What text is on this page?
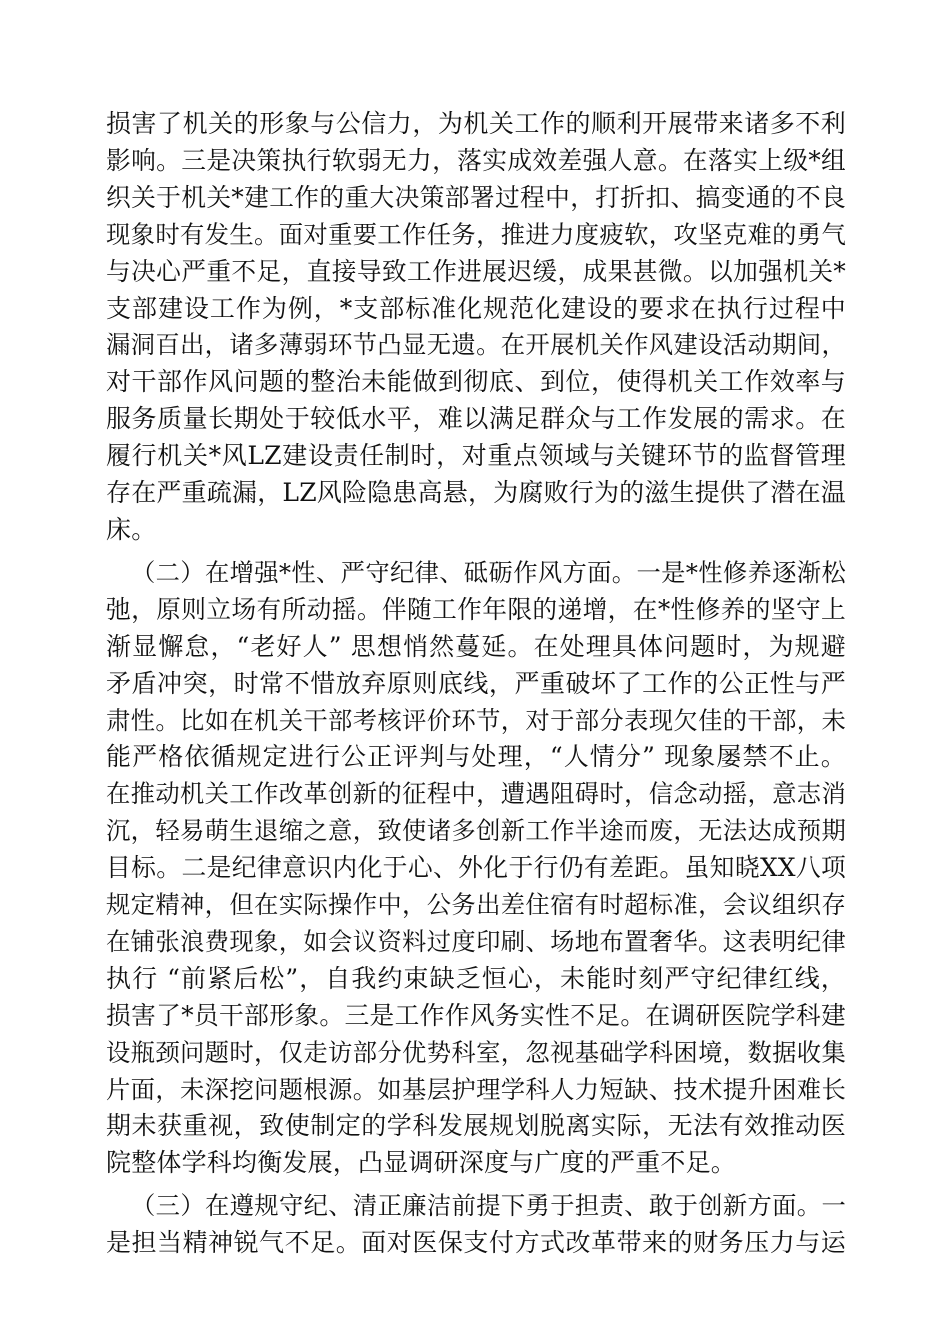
损害了机关的形象与公信力，为机关工作的顺利开展带来诸多不利
影响。三是决策执行软弱无力，落实成效差强人意。在落实上级*组
织关于机关*建工作的重大决策部署过程中，打折扣、搞变通的不良
现象时有发生。面对重要工作任务，推进力度疲软，攻坚克难的勇气
与决心严重不足，直接导致工作进展迟缓，成果甚微。以加强机关*
支部建设工作为例，*支部标准化规范化建设的要求在执行过程中
漏洞百出，诸多薄弱环节凸显无遗。在开展机关作风建设活动期间，
对干部作风问题的整治未能做到彻底、到位，使得机关工作效率与
服务质量长期处于较低水平，难以满足群众与工作发展的需求。在
履行机关*风LZ建设责任制时，对重点领域与关键环节的监督管理
存在严重疏漏，LZ风险隐患高悬，为腐败行为的滋生提供了潜在温
床。

（二）在增强*性、严守纪律、砥砺作风方面。一是*性修养逐渐松
弛，原则立场有所动摇。伴随工作年限的递增，在*性修养的坚守上
渐显懈怠，“老好人” 思想悄然蔓延。在处理具体问题时，为规避
矛盾冲突，时常不惜放弃原则底线，严重破坏了工作的公正性与严
肃性。比如在机关干部考核评价环节，对于部分表现欠佳的干部，未
能严格依循规定进行公正评判与处理，“人情分” 现象屡禁不止。
在推动机关工作改革创新的征程中，遭遇阻碍时，信念动摇，意志消
沉，轻易萌生退缩之意，致使诸多创新工作半途而废，无法达成预期
目标。二是纪律意识内化于心、外化于行仍有差距。虽知晓XX八项
规定精神，但在实际操作中，公务出差住宿有时超标准，会议组织存
在铺张浪费现象，如会议资料过度印刷、场地布置奢华。这表明纪律
执行 “前紧后松”，自我约束缺乏恒心，未能时刻严守纪律红线，
损害了*员干部形象。三是工作作风务实性不足。在调研医院学科建
设瓶颈问题时，仅走访部分优势科室，忽视基础学科困境，数据收集
片面，未深挖问题根源。如基层护理学科人力短缺、技术提升困难长
期未获重视，致使制定的学科发展规划脱离实际，无法有效推动医
院整体学科均衡发展，凸显调研深度与广度的严重不足。

（三）在遵规守纪、清正廉洁前提下勇于担责、敢于创新方面。一
是担当精神锐气不足。面对医保支付方式改革带来的财务压力与运
